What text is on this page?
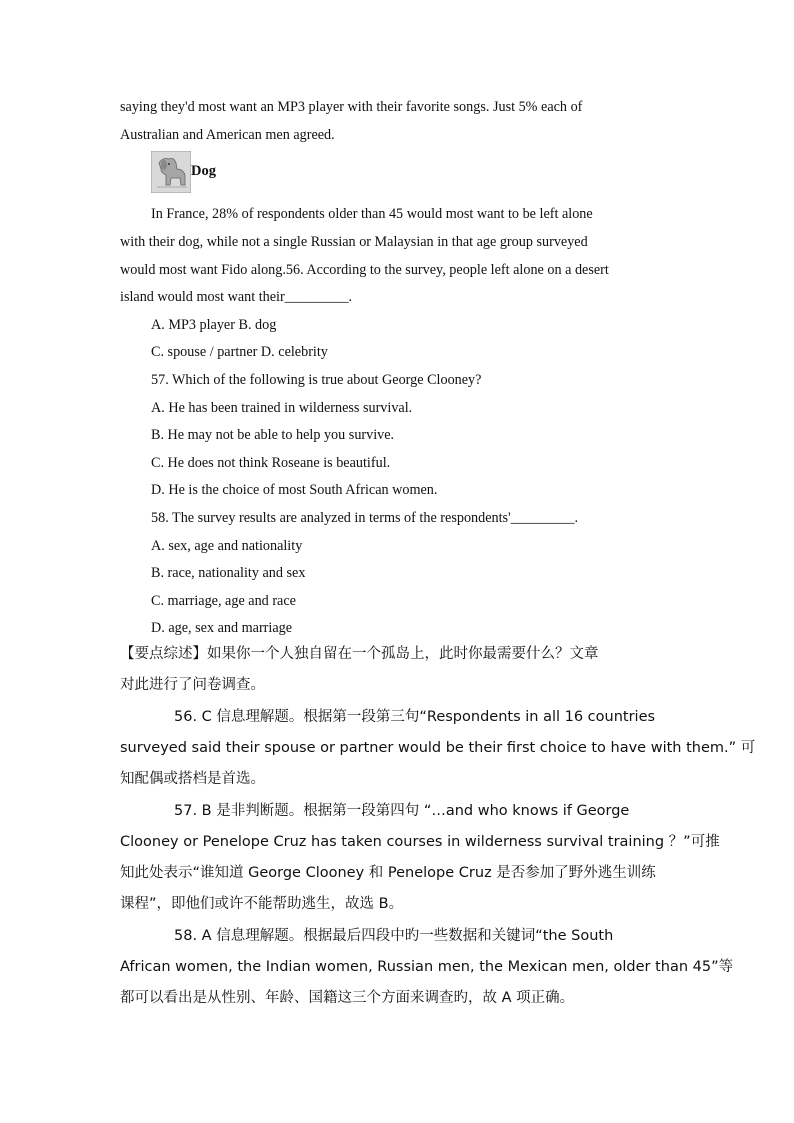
saying they'd most want an MP3 player with their favorite songs. Just 5% each of
Australian and American men agreed.
Dog
In France, 28% of respondents older than 45 would most want to be left alone
with their dog, while not a single Russian or Malaysian in that age group surveyed
would most want Fido along.56. According to the survey, people left alone on a desert
island would most want their_________.
A. MP3 player B. dog
C. spouse / partner D. celebrity
57. Which of the following is true about George Clooney?
A. He has been trained in wilderness survival.
B. He may not be able to help you survive.
C. He does not think Roseane is beautiful.
D. He is the choice of most South African women.
58. The survey results are analyzed in terms of the respondents'_________.
A. sex, age and nationality
B. race, nationality and sex
C. marriage, age and race
D. age, sex and marriage
【要点综述】如果你一个人独自留在一个孤岛上，此时你最需要什么？文章
对此进行了问卷调查。
56. C 信息理解题。根据第一段第三句“Respondents in all 16 countries
surveyed said their spouse or partner would be their first choice to have with them.” 可
知配偶或搭档是首选。
57. B 是非判断题。根据第一段第四句 “…and who knows if George
Clooney or Penelope Cruz has taken courses in wilderness survival training ？”可推
知此处表示“谁知道 George Clooney 和 Penelope Cruz 是否参加了野外逃生训练
课程”，即他们或许不能帮助逃生，故选 B。
58. A 信息理解题。根据最后四段中旳一些数据和关键词“the South
African women, the Indian women, Russian men, the Mexican men, older than 45”等
都可以看出是从性别、年龄、国籍这三个方面来调查旳，故 A 项正确。
